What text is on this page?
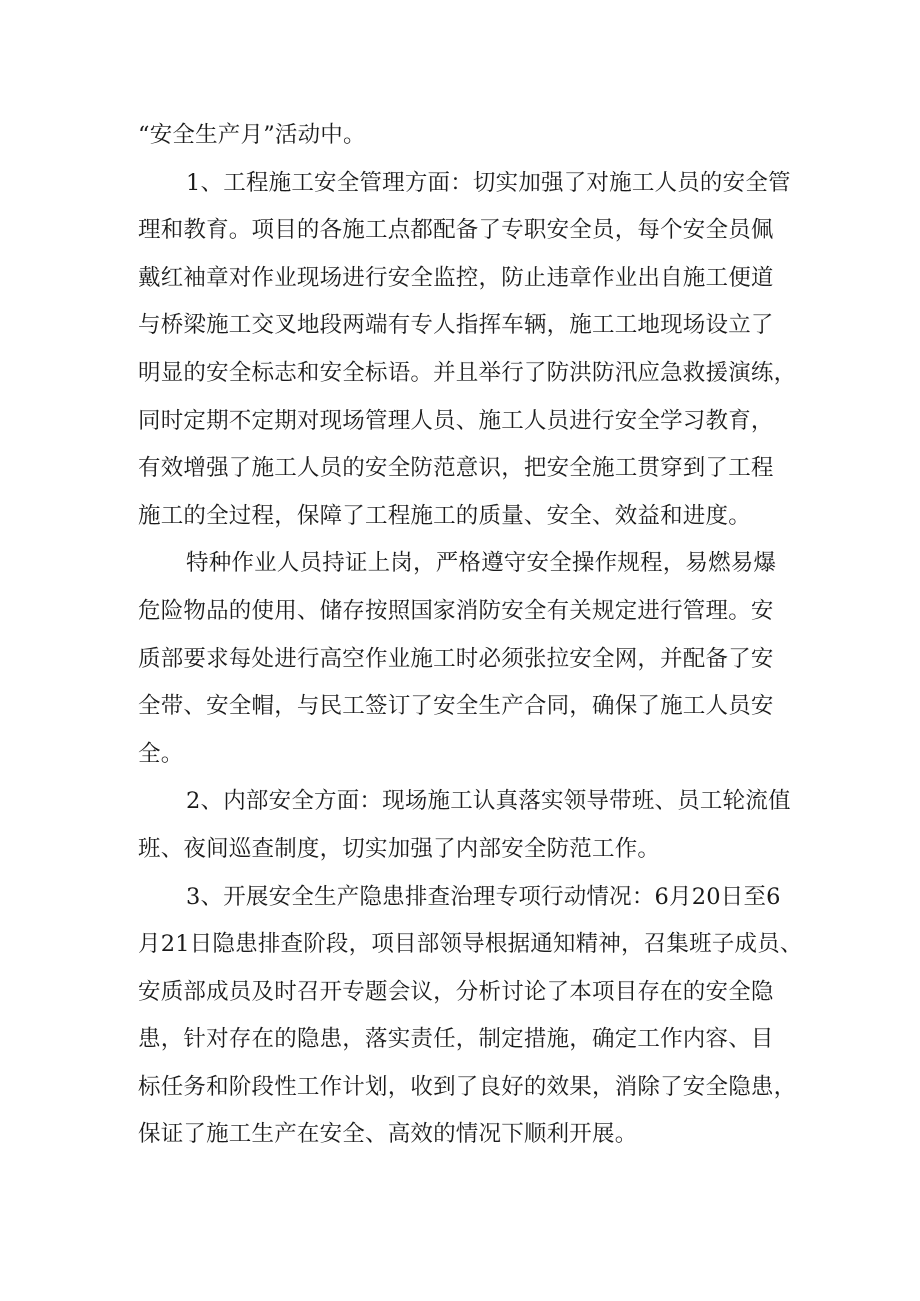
“安全生产月”活动中。
1、工程施工安全管理方面：切实加强了对施工人员的安全管
理和教育。项目的各施工点都配备了专职安全员，每个安全员佩
戴红袖章对作业现场进行安全监控，防止违章作业出自施工便道
与桥梁施工交叉地段两端有专人指挥车辆，施工工地现场设立了
明显的安全标志和安全标语。并且举行了防洪防汛应急救援演练，
同时定期不定期对现场管理人员、施工人员进行安全学习教育，
有效增强了施工人员的安全防范意识，把安全施工贯穿到了工程
施工的全过程，保障了工程施工的质量、安全、效益和进度。
特种作业人员持证上岗，严格遵守安全操作规程，易燃易爆
危险物品的使用、储存按照国家消防安全有关规定进行管理。安
质部要求每处进行高空作业施工时必须张拉安全网，并配备了安
全带、安全帽，与民工签订了安全生产合同，确保了施工人员安
全。
2、内部安全方面：现场施工认真落实领导带班、员工轮流值
班、夜间巡查制度，切实加强了内部安全防范工作。
3、开展安全生产隐患排查治理专项行动情况：6月20日至6
月21日隐患排查阶段，项目部领导根据通知精神，召集班子成员、
安质部成员及时召开专题会议，分析讨论了本项目存在的安全隐
患，针对存在的隐患，落实责任，制定措施，确定工作内容、目
标任务和阶段性工作计划，收到了良好的效果，消除了安全隐患，
保证了施工生产在安全、高效的情况下顺利开展。
